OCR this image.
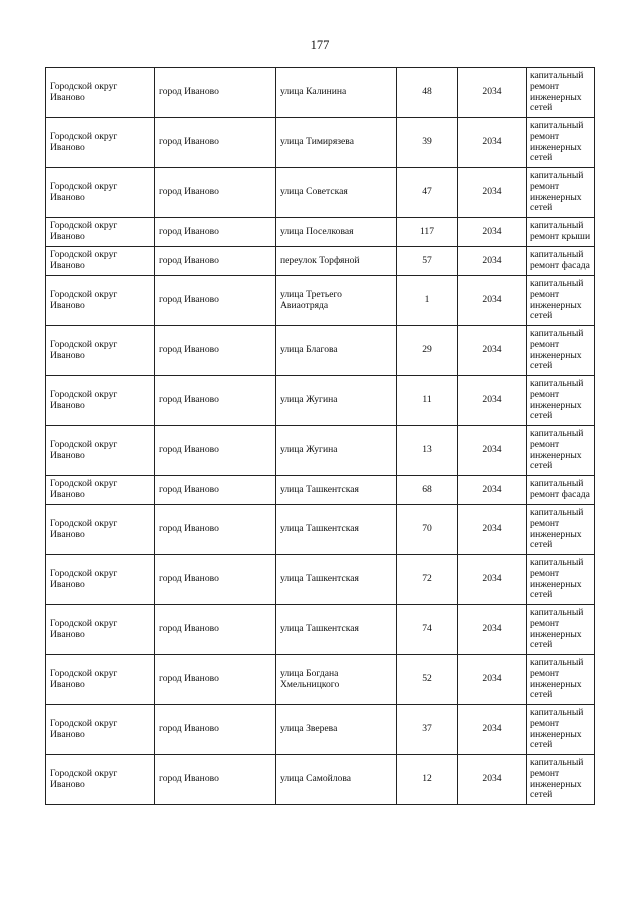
177
Городской округ Иваново	город Иваново	улица Калинина	48	2034	капитальный ремонт инженерных сетей
Городской округ Иваново	город Иваново	улица Тимирязева	39	2034	капитальный ремонт инженерных сетей
Городской округ Иваново	город Иваново	улица Советская	47	2034	капитальный ремонт инженерных сетей
Городской округ Иваново	город Иваново	улица Поселковая	117	2034	капитальный ремонт крыши
Городской округ Иваново	город Иваново	переулок Торфяной	57	2034	капитальный ремонт фасада
Городской округ Иваново	город Иваново	улица Третьего Авиаотряда	1	2034	капитальный ремонт инженерных сетей
Городской округ Иваново	город Иваново	улица Благова	29	2034	капитальный ремонт инженерных сетей
Городской округ Иваново	город Иваново	улица Жугина	11	2034	капитальный ремонт инженерных сетей
Городской округ Иваново	город Иваново	улица Жугина	13	2034	капитальный ремонт инженерных сетей
Городской округ Иваново	город Иваново	улица Ташкентская	68	2034	капитальный ремонт фасада
Городской округ Иваново	город Иваново	улица Ташкентская	70	2034	капитальный ремонт инженерных сетей
Городской округ Иваново	город Иваново	улица Ташкентская	72	2034	капитальный ремонт инженерных сетей
Городской округ Иваново	город Иваново	улица Ташкентская	74	2034	капитальный ремонт инженерных сетей
Городской округ Иваново	город Иваново	улица Богдана Хмельницкого	52	2034	капитальный ремонт инженерных сетей
Городской округ Иваново	город Иваново	улица Зверева	37	2034	капитальный ремонт инженерных сетей
Городской округ Иваново	город Иваново	улица Самойлова	12	2034	капитальный ремонт инженерных сетей
